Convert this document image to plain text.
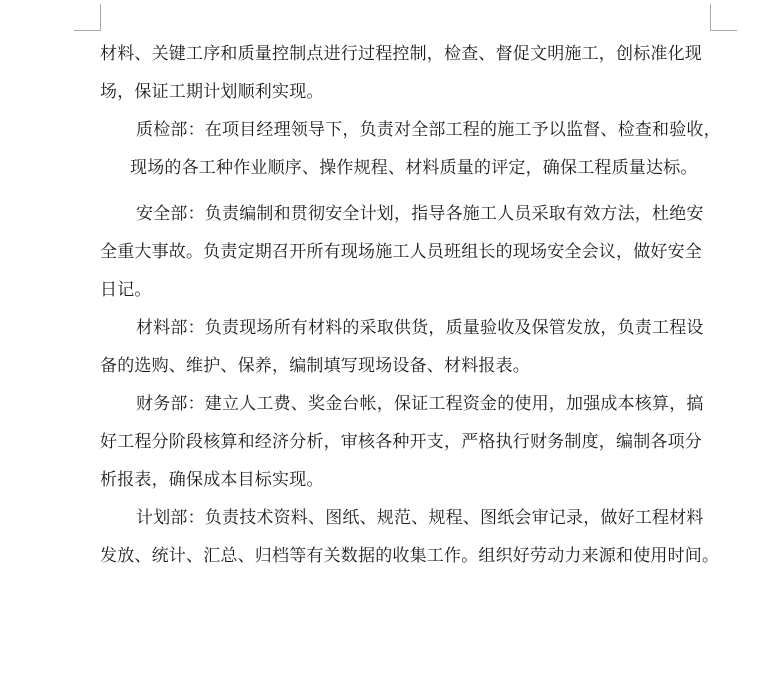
材料、关键工序和质量控制点进行过程控制，检查、督促文明施工，创标准化现
场，保证工期计划顺利实现。

质检部：在项目经理领导下，负责对全部工程的施工予以监督、检查和验收，
现场的各工种作业顺序、操作规程、材料质量的评定，确保工程质量达标。

安全部：负责编制和贯彻安全计划，指导各施工人员采取有效方法，杜绝安
全重大事故。负责定期召开所有现场施工人员班组长的现场安全会议，做好安全
日记。

材料部：负责现场所有材料的采取供货，质量验收及保管发放，负责工程设
备的选购、维护、保养，编制填写现场设备、材料报表。

财务部：建立人工费、奖金台帐，保证工程资金的使用，加强成本核算，搞
好工程分阶段核算和经济分析，审核各种开支，严格执行财务制度，编制各项分
析报表，确保成本目标实现。

计划部：负责技术资料、图纸、规范、规程、图纸会审记录，做好工程材料
发放、统计、汇总、归档等有关数据的收集工作。组织好劳动力来源和使用时间。
